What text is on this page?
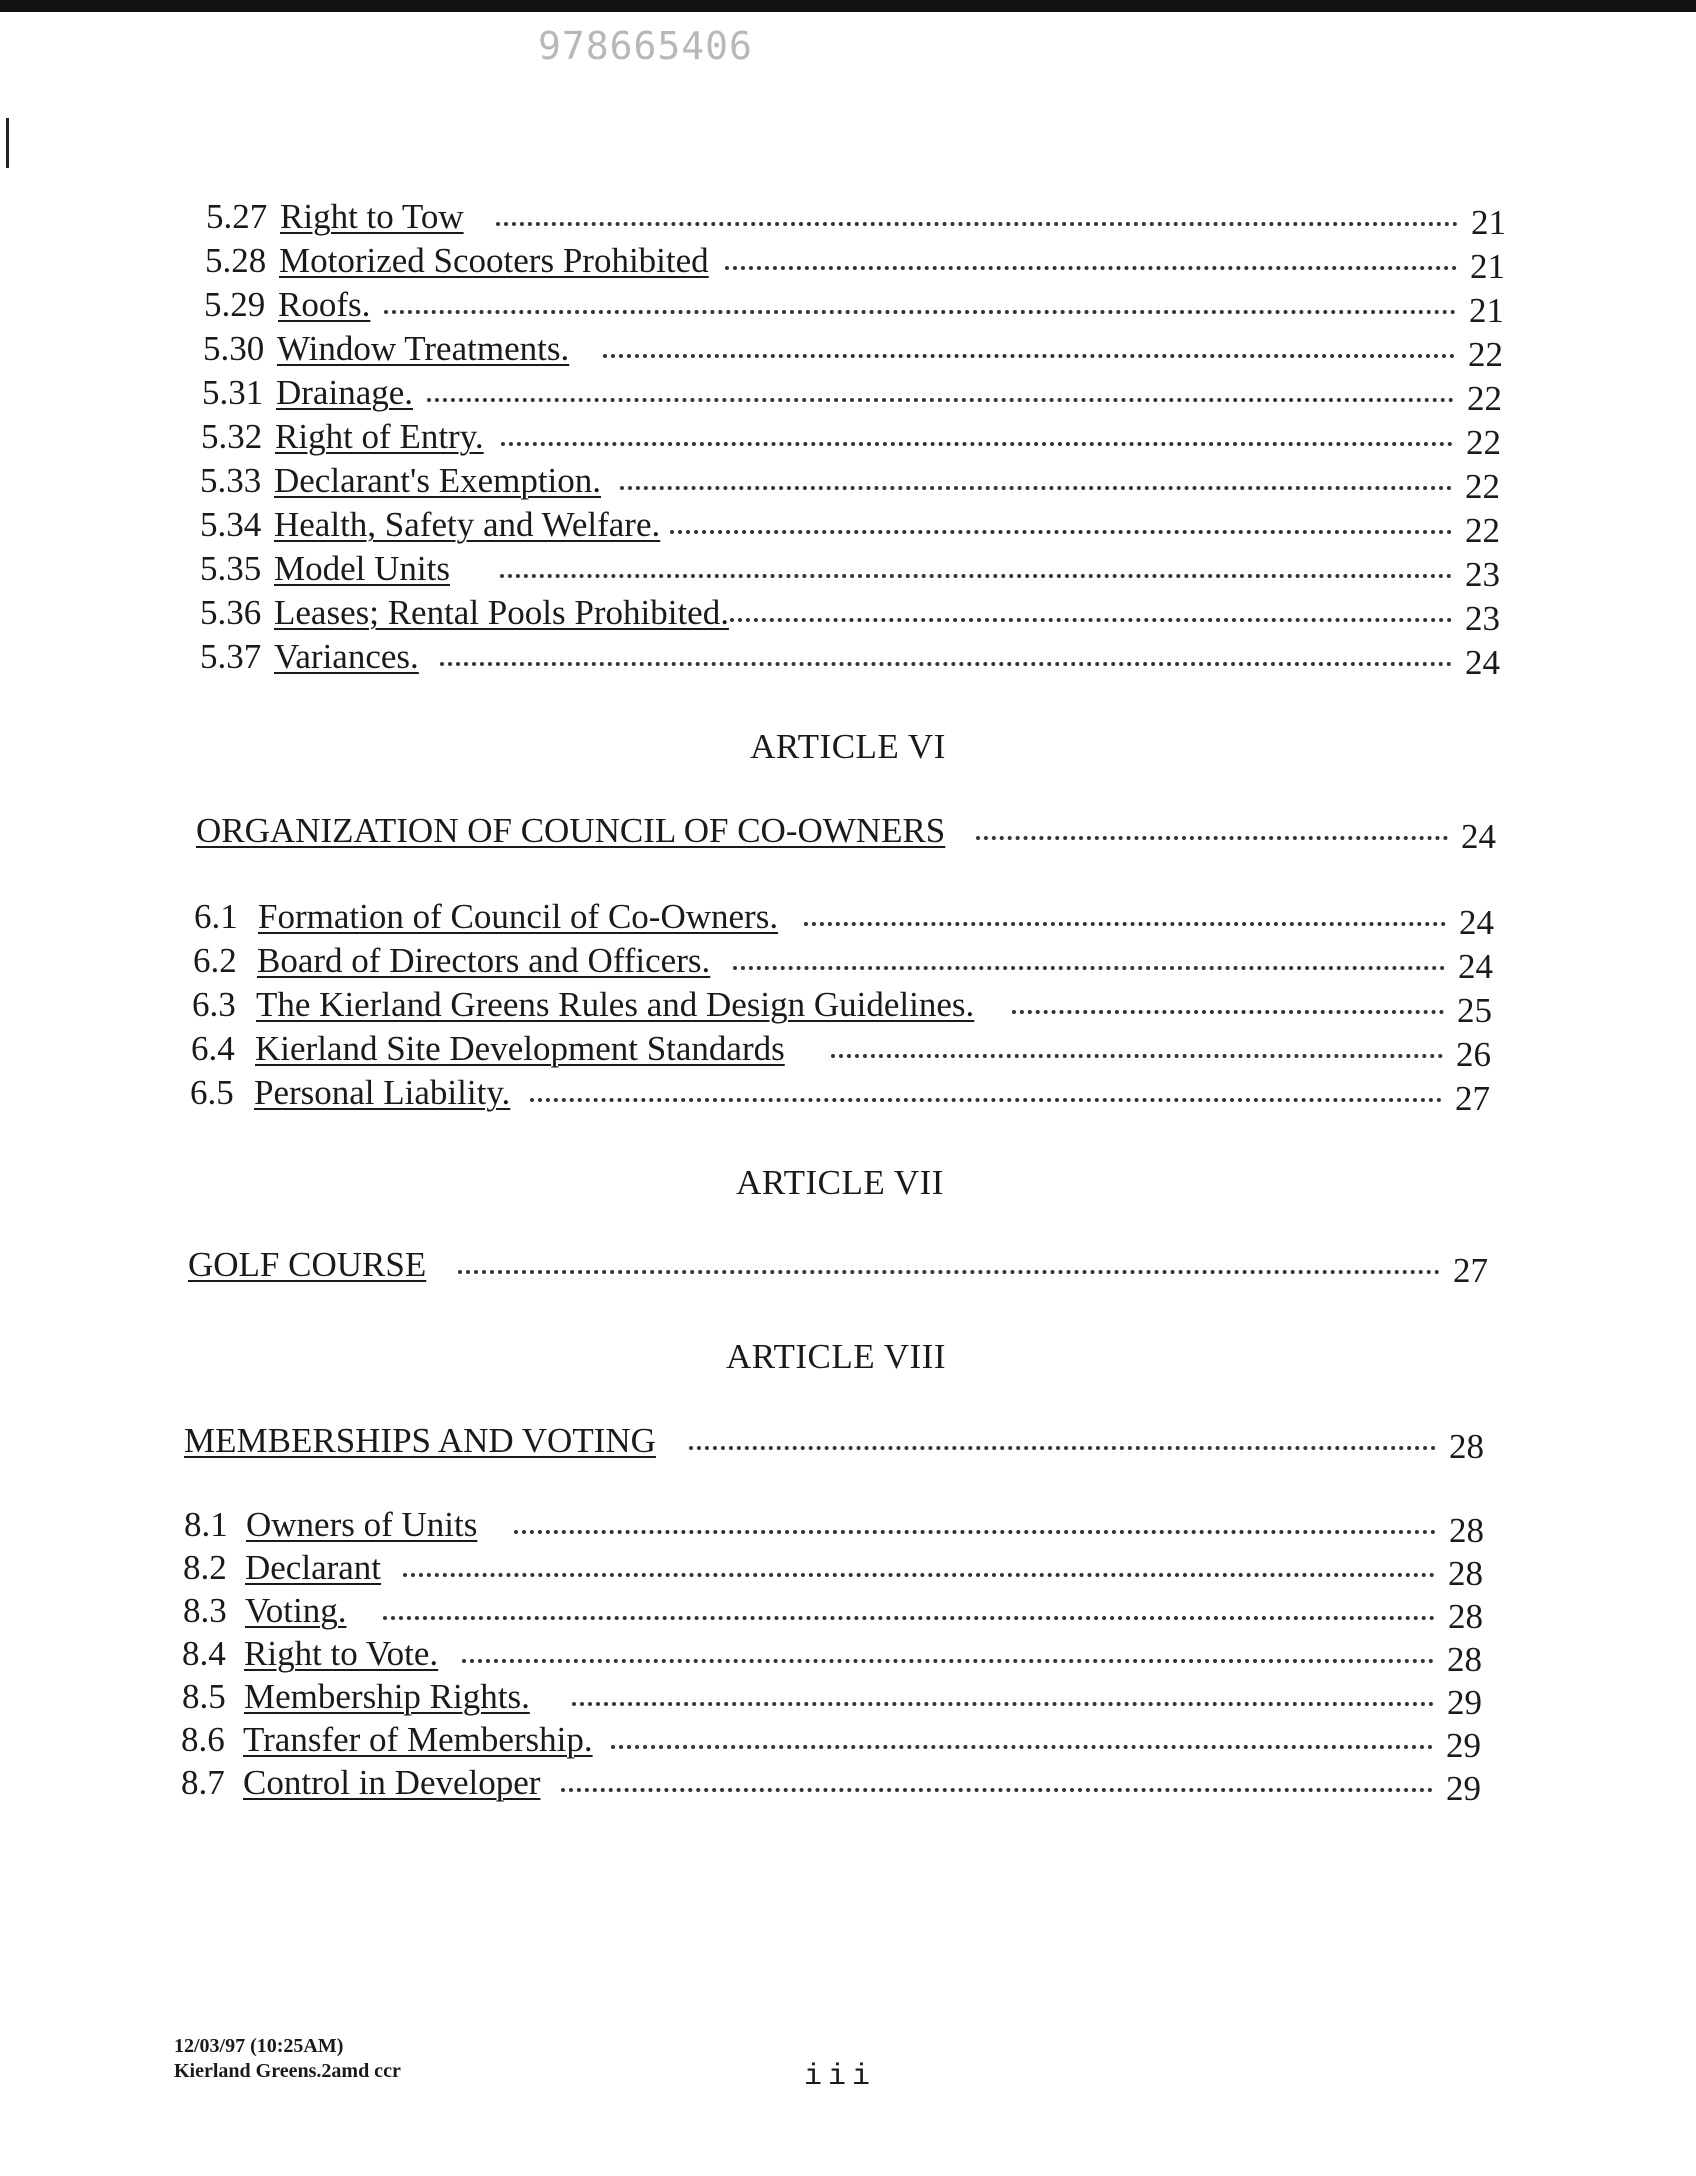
978665406
5.27 Right to Tow	21
5.28 Motorized Scooters Prohibited	21
5.29 Roofs.	21
5.30 Window Treatments.	22
5.31 Drainage.	22
5.32 Right of Entry.	22
5.33 Declarant's Exemption.	22
5.34 Health, Safety and Welfare.	22
5.35 Model Units	23
5.36 Leases; Rental Pools Prohibited.	23
5.37 Variances.	24
ARTICLE VI
ORGANIZATION OF COUNCIL OF CO-OWNERS	24
6.1 Formation of Council of Co-Owners.	24
6.2 Board of Directors and Officers.	24
6.3 The Kierland Greens Rules and Design Guidelines.	25
6.4 Kierland Site Development Standards	26
6.5 Personal Liability.	27
ARTICLE VII
GOLF COURSE	27
ARTICLE VIII
MEMBERSHIPS AND VOTING	28
8.1 Owners of Units	28
8.2 Declarant	28
8.3 Voting.	28
8.4 Right to Vote.	28
8.5 Membership Rights.	29
8.6 Transfer of Membership.	29
8.7 Control in Developer	29
12/03/97 (10:25AM)
Kierland Greens.2amd ccr	iii
